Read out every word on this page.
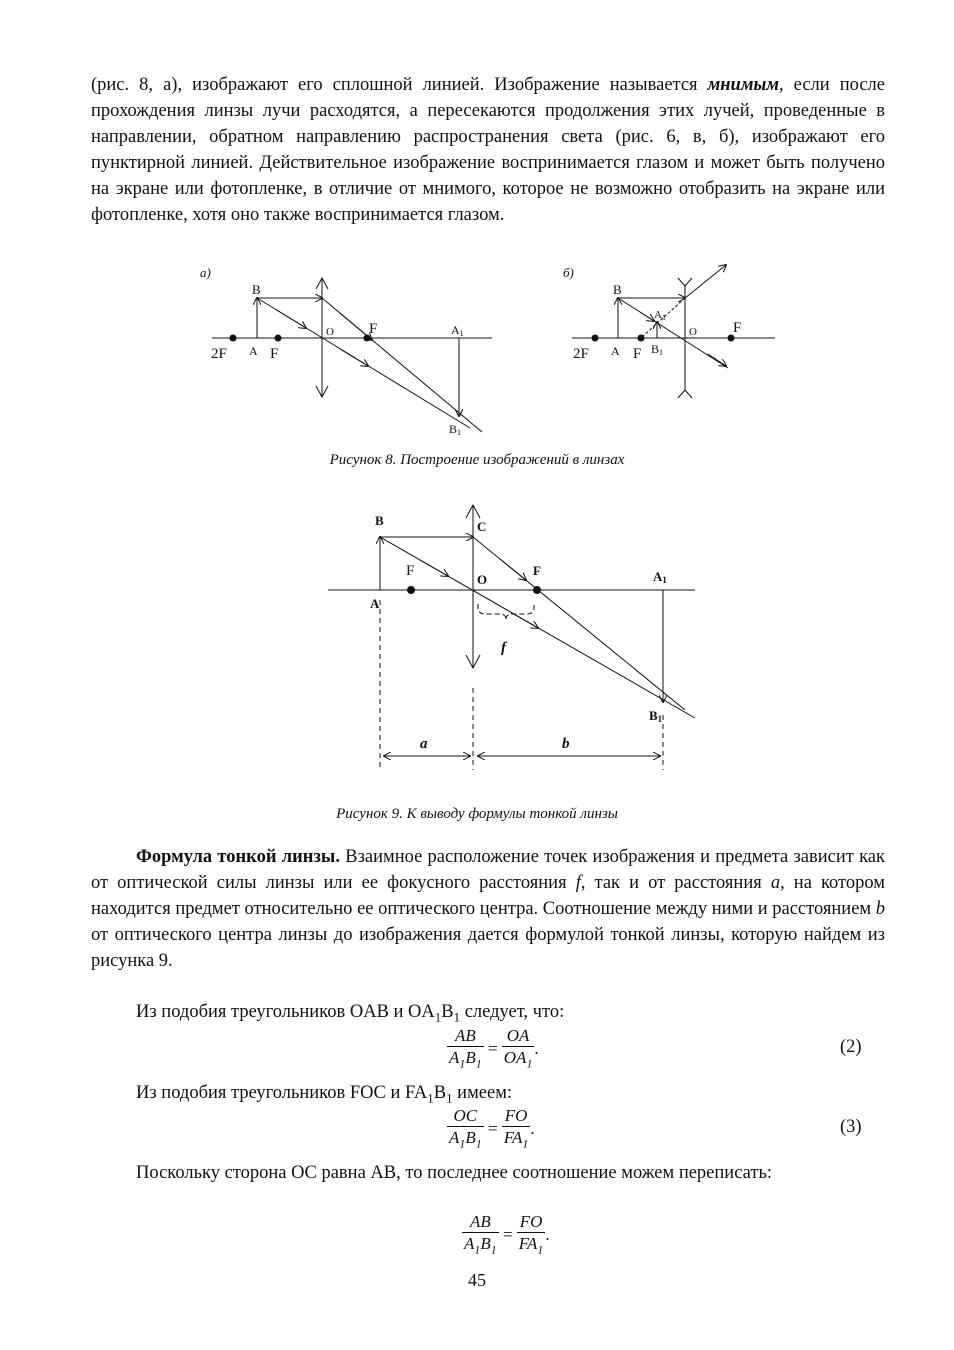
(рис. 8, а), изображают его сплошной линией. Изображение называется мнимым, если после прохождения линзы лучи расходятся, а пересекаются продолжения этих лучей, проведенные в направлении, обратном направлению распространения света (рис. 6, в, б), изображают его пунктирной линией. Действительное изображение воспринимается глазом и может быть получено на экране или фотопленке, в отличие от мнимого, которое не возможно отобразить на экране или фотопленке, хотя оно также воспринимается глазом.
а)
B
O F	A1
2F A F
B1
б)
B
A1
O F
2F A F B1
Рисунок 8. Построение изображений в линзах
B	C
F
O
F	A1
A
f
B1
a	b
Рисунок 9. К выводу формулы тонкой линзы
Формула тонкой линзы. Взаимное расположение точек изображения и предмета зависит как от оптической силы линзы или ее фокусного расстояния f, так и от расстояния a, на котором находится предмет относительно ее оптического центра. Соотношение между ними и расстоянием b от оптического центра линзы до изображения дается формулой тонкой линзы, которую найдем из рисунка 9.
Из подобия треугольников OAB и $OA_1B_1$ следует, что:
$\frac{AB}{A_1B_1} = \frac{OA}{OA_1}$ .	(2)
Из подобия треугольников FOC и $FA_1B_1$ имеем:
$\frac{OC}{A_1B_1} = \frac{FO}{FA_1}$ .	(3)
Поскольку сторона OC равна AB, то последнее соотношение можем переписать:
$\frac{AB}{A_1B_1} = \frac{FO}{FA_1}$ .
45
